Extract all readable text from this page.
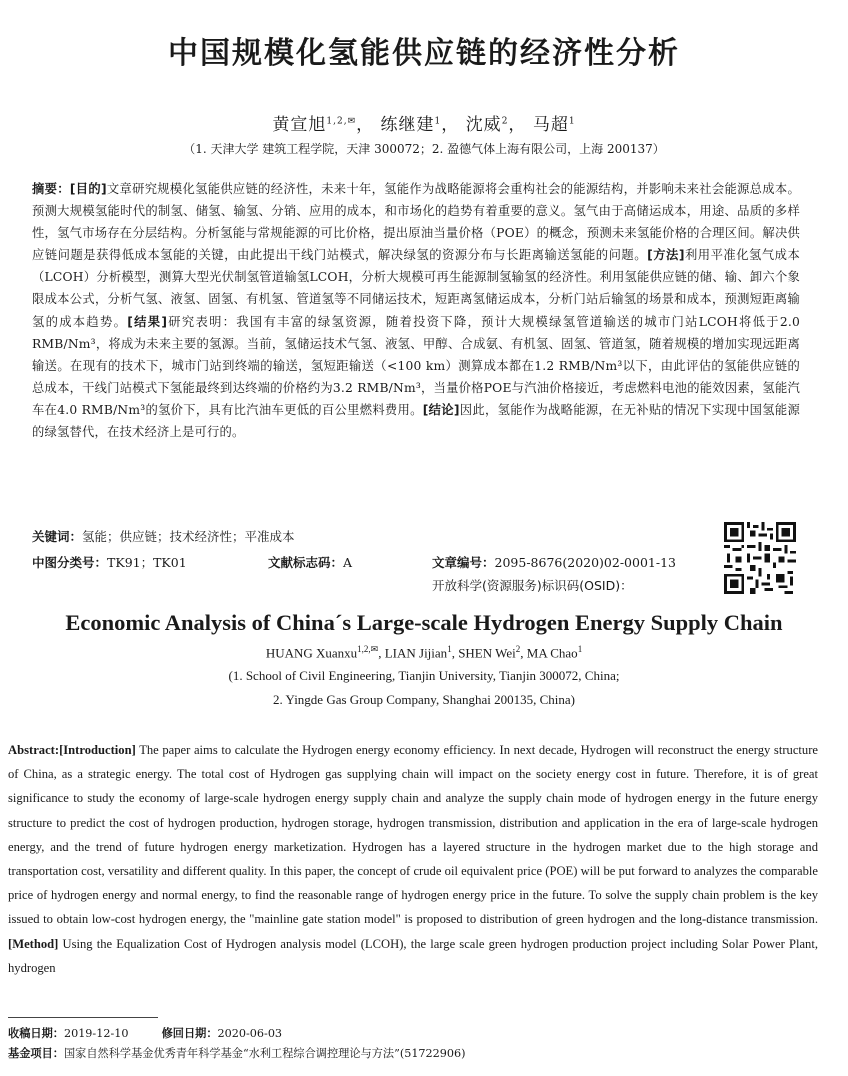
中国规模化氢能供应链的经济性分析
黄宣旭$^{1,2,✉}$， 练继建$^1$， 沈威$^2$， 马超$^1$
（1. 天津大学 建筑工程学院，天津 300072；2. 盈德气体上海有限公司，上海 200137）
摘要：[目的]文章研究规模化氢能供应链的经济性，未来十年，氢能作为战略能源将会重构社会的能源结构，并影响未来社会能源总成本。预测大规模氢能时代的制氢、储氢、输氢、分销、应用的成本，和市场化的趋势有着重要的意义。氢气由于高储运成本，用途、品质的多样性，氢气市场存在分层结构。分析氢能与常规能源的可比价格，提出原油当量价格（POE）的概念，预测未来氢能价格的合理区间。解决供应链问题是获得低成本氢能的关键，由此提出干线门站模式，解决绿氢的资源分布与长距离输送氢能的问题。[方法]利用平准化氢气成本（LCOH）分析模型，测算大型光伏制氢管道输氢LCOH，分析大规模可再生能源制氢输氢的经济性。利用氢能供应链的储、输、卸六个象限成本公式，分析气氢、液氢、固氢、有机氢、管道氢等不同储运技术，短距离氢储运成本，分析门站后输氢的场景和成本，预测短距离输氢的成本趋势。[结果]研究表明：我国有丰富的绿氢资源，随着投资下降，预计大规模绿氢管道输送的城市门站LCOH将低于2.0 RMB/Nm³，将成为未来主要的氢源。当前，氢储运技术气氢、液氢、甲醇、合成氨、有机氢、固氢、管道氢，随着规模的增加实现远距离输送。在现有的技术下，城市门站到终端的输送，氢短距输送（<100 km）测算成本都在1.2 RMB/Nm³以下，由此评估的氢能供应链的总成本，干线门站模式下氢能最终到达终端的价格约为3.2 RMB/Nm³，当量价格POE与汽油价格接近，考虑燃料电池的能效因素，氢能汽车在4.0 RMB/Nm³的氢价下，具有比汽油车更低的百公里燃料费用。[结论]因此，氢能作为战略能源，在无补贴的情况下实现中国氢能源的绿氢替代，在技术经济上是可行的。
关键词：氢能；供应链；技术经济性；平准成本
中图分类号：TK91；TK01	文献标志码：A	文章编号：2095-8676(2020)02-0001-13
开放科学(资源服务)标识码(OSID)：
Economic Analysis of China´s Large-scale Hydrogen Energy Supply Chain
HUANG Xuanxu$^{1,2,✉}$, LIAN Jijian$^1$, SHEN Wei$^2$, MA Chao$^1$
(1. School of Civil Engineering, Tianjin University, Tianjin 300072, China;
2. Yingde Gas Group Company, Shanghai 200135, China)
Abstract:[Introduction] The paper aims to calculate the Hydrogen energy economy efficiency. In next decade, Hydrogen will reconstruct the energy structure of China, as a strategic energy. The total cost of Hydrogen gas supplying chain will impact on the society energy cost in future. Therefore, it is of great significance to study the economy of large-scale hydrogen energy supply chain and analyze the supply chain mode of hydrogen energy in the future energy structure to predict the cost of hydrogen production, hydrogen storage, hydrogen transmission, distribution and application in the era of large-scale hydrogen energy, and the trend of future hydrogen energy marketization. Hydrogen has a layered structure in the hydrogen market due to the high storage and transportation cost, versatility and different quality. In this paper, the concept of crude oil equivalent price (POE) will be put forward to analyzes the comparable price of hydrogen energy and normal energy, to find the reasonable range of hydrogen energy price in the future. To solve the supply chain problem is the key issued to obtain low-cost hydrogen energy, the "mainline gate station model" is proposed to distribution of green hydrogen and the long-distance transmission. [Method] Using the Equalization Cost of Hydrogen analysis model (LCOH), the large scale green hydrogen production project including Solar Power Plant, hydrogen
收稿日期：2019-12-10	修回日期：2020-06-03
基金项目：国家自然科学基金优秀青年科学基金“水利工程综合调控理论与方法”(51722906)
